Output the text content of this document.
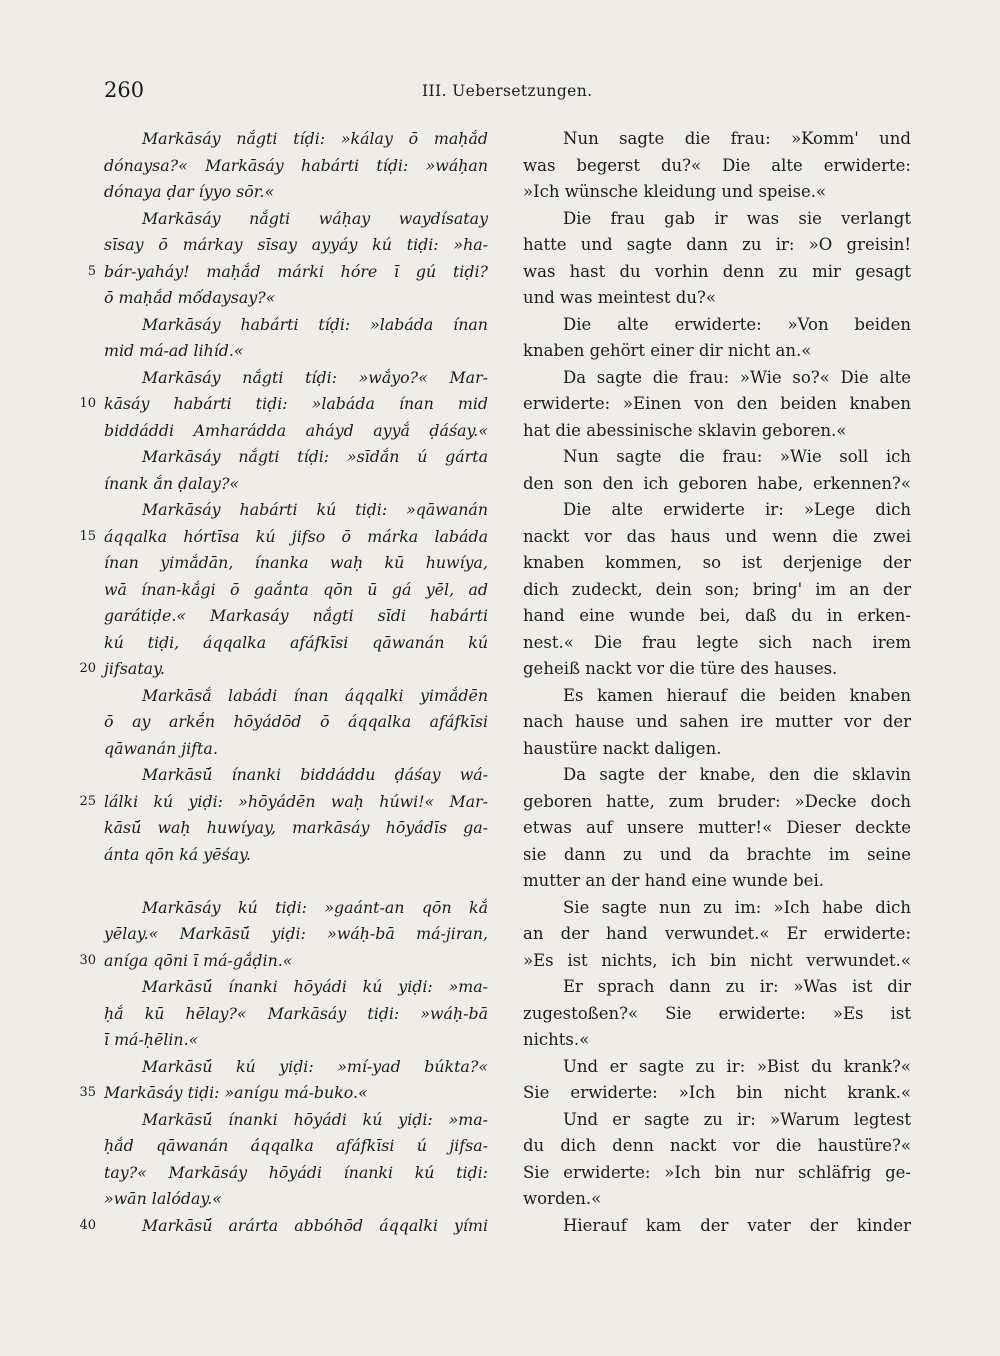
260	III. Uebersetzungen.
Markāsáy nắgti tíḍi: »kálay ō maḥắd
dónaysa?« Markāsáy habárti tíḍi: »wáḥan
dónaya ḍar íyyo sōr.«
Markāsáy nắgti wáḥay waydísatay
sīsay ō márkay sīsay ayyáy kú tiḍi: »ha-
5 bár-yaháy! maḥắd márki hóre ī gú tiḍi?
ō maḥắd mốdaysay?«
Markāsáy habárti tíḍi: »labáda ínan
mid má-ad lihíd.«
Markāsáy nắgti tíḍi: »wắyo?« Mar-
10 kāsáy habárti tiḍi: »labáda ínan mid
biddáddi Amharádda aháyd ayyắ ḍáśay.«
Markāsáy nắgti tíḍi: »sīdắn ú gárta
ínank ắn ḍalay?«
Markāsáy habárti kú tiḍi: »qāwanán
15 áqqalka hórtīsa kú jifso ō márka labáda
ínan yimắdān, ínanka waḥ kū huwíya,
wā ínan-kắgi ō gaắnta qōn ū gá yēl, ad
garátiḍe.« Markasáy nắgti sīdi habárti
kú tiḍi, áqqalka afáfkīsi qāwanán kú
20 jifsatay.
Markāsắ labádi ínan áqqalki yimắdēn
ō ay arkḗn hōyádōd ō áqqalka afáfkīsi
qāwanán jifta.
Markāsū́ ínanki biddáddu ḍáśay wá-
25 lálki kú yiḍi: »hōyádēn waḥ húwi!« Mar-
kāsū́ waḥ huwíyay, markāsáy hōyádīs ga-
ánta qōn ká yēśay.
Markāsáy kú tiḍi: »gaánt-an qōn kắ
yēlay.« Markāsū́ yiḍi: »wáḥ-bā má-jiran,
30 aníga qōni ī má-gắḍin.«
Markāsū́ ínanki hōyádi kú yiḍi: »ma-
ḥắ kū hēlay?« Markāsáy tiḍi: »wáḥ-bā
ī má-ḥēlin.«
Markāsū́ kú yiḍi: »mí-yad búkta?«
35 Markāsáy tiḍi: »anígu má-buko.«
Markāsū́ ínanki hōyádi kú yiḍi: »ma-
ḥắd qāwanán áqqalka afáfkīsi ú jifsa-
tay?« Markāsáy hōyádi ínanki kú tiḍi:
»wān lalóday.«
40	Markāsū́ arárta abbóhōd áqqalki yími
Nun sagte die frau: »Komm' und
was begerst du?« Die alte erwiderte:
»Ich wünsche kleidung und speise.«
Die frau gab ir was sie verlangt
hatte und sagte dann zu ir: »O greisin!
was hast du vorhin denn zu mir gesagt
und was meintest du?«
Die alte erwiderte: »Von beiden
knaben gehört einer dir nicht an.«
Da sagte die frau: »Wie so?« Die alte
erwiderte: »Einen von den beiden knaben
hat die abessinische sklavin geboren.«
Nun sagte die frau: »Wie soll ich
den son den ich geboren habe, erkennen?«
Die alte erwiderte ir: »Lege dich
nackt vor das haus und wenn die zwei
knaben kommen, so ist derjenige der
dich zudeckt, dein son; bring' im an der
hand eine wunde bei, daß du in erken-
nest.« Die frau legte sich nach irem
geheiß nackt vor die türe des hauses.
Es kamen hierauf die beiden knaben
nach hause und sahen ire mutter vor der
haustüre nackt daligen.
Da sagte der knabe, den die sklavin
geboren hatte, zum bruder: »Decke doch
etwas auf unsere mutter!« Dieser deckte
sie dann zu und da brachte im seine
mutter an der hand eine wunde bei.
Sie sagte nun zu im: »Ich habe dich
an der hand verwundet.« Er erwiderte:
»Es ist nichts, ich bin nicht verwundet.«
Er sprach dann zu ir: »Was ist dir
zugestoßen?« Sie erwiderte: »Es ist
nichts.«
Und er sagte zu ir: »Bist du krank?«
Sie erwiderte: »Ich bin nicht krank.«
Und er sagte zu ir: »Warum legtest
du dich denn nackt vor die haustüre?«
Sie erwiderte: »Ich bin nur schläfrig ge-
worden.«
Hierauf kam der vater der kinder
